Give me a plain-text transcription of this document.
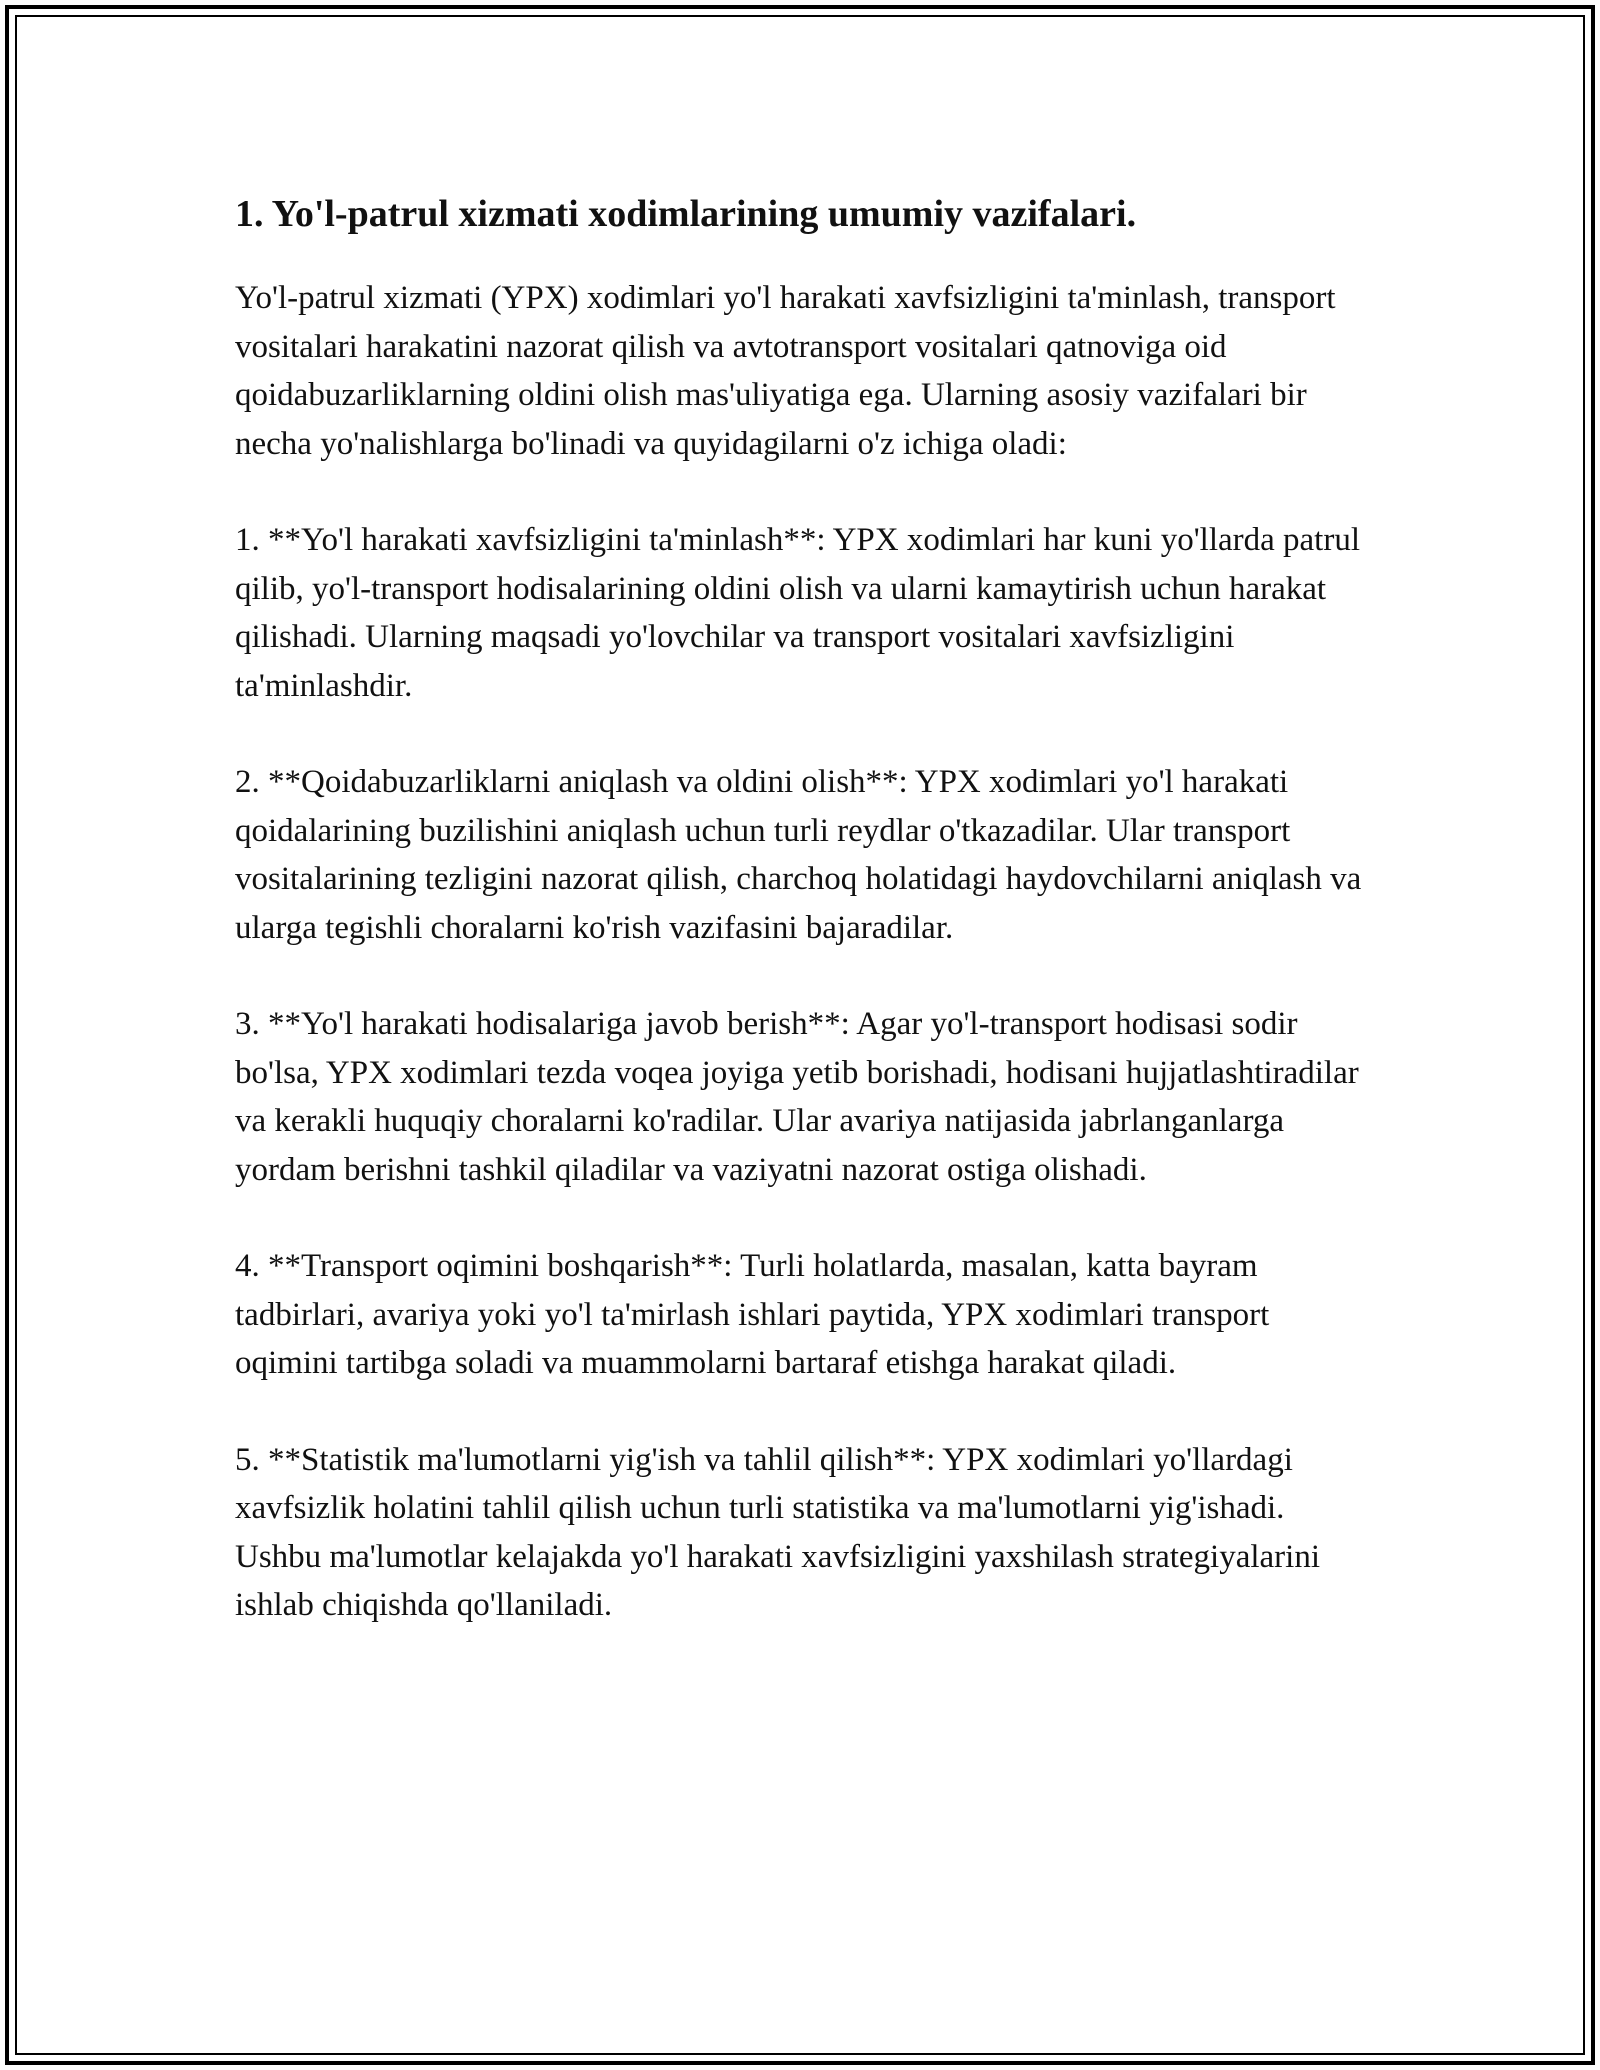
1. Yo'l-patrul xizmati xodimlarining umumiy vazifalari.

Yo'l-patrul xizmati (YPX) xodimlari yo'l harakati xavfsizligini ta'minlash, transport vositalari harakatini nazorat qilish va avtotransport vositalari qatnoviga oid qoidabuzarliklarning oldini olish mas'uliyatiga ega. Ularning asosiy vazifalari bir necha yo'nalishlarga bo'linadi va quyidagilarni o'z ichiga oladi:

1. **Yo'l harakati xavfsizligini ta'minlash**: YPX xodimlari har kuni yo'llarda patrul qilib, yo'l-transport hodisalarining oldini olish va ularni kamaytirish uchun harakat qilishadi. Ularning maqsadi yo'lovchilar va transport vositalari xavfsizligini ta'minlashdir.

2. **Qoidabuzarliklarni aniqlash va oldini olish**: YPX xodimlari yo'l harakati qoidalarining buzilishini aniqlash uchun turli reydlar o'tkazadilar. Ular transport vositalarining tezligini nazorat qilish, charchoq holatidagi haydovchilarni aniqlash va ularga tegishli choralarni ko'rish vazifasini bajaradilar.

3. **Yo'l harakati hodisalariga javob berish**: Agar yo'l-transport hodisasi sodir bo'lsa, YPX xodimlari tezda voqea joyiga yetib borishadi, hodisani hujjatlashtiradilar va kerakli huquqiy choralarni ko'radilar. Ular avariya natijasida jabrlanganlarga yordam berishni tashkil qiladilar va vaziyatni nazorat ostiga olishadi.

4. **Transport oqimini boshqarish**: Turli holatlarda, masalan, katta bayram tadbirlari, avariya yoki yo'l ta'mirlash ishlari paytida, YPX xodimlari transport oqimini tartibga soladi va muammolarni bartaraf etishga harakat qiladi.

5. **Statistik ma'lumotlarni yig'ish va tahlil qilish**: YPX xodimlari yo'llardagi xavfsizlik holatini tahlil qilish uchun turli statistika va ma'lumotlarni yig'ishadi. Ushbu ma'lumotlar kelajakda yo'l harakati xavfsizligini yaxshilash strategiyalarini ishlab chiqishda qo'llaniladi.
